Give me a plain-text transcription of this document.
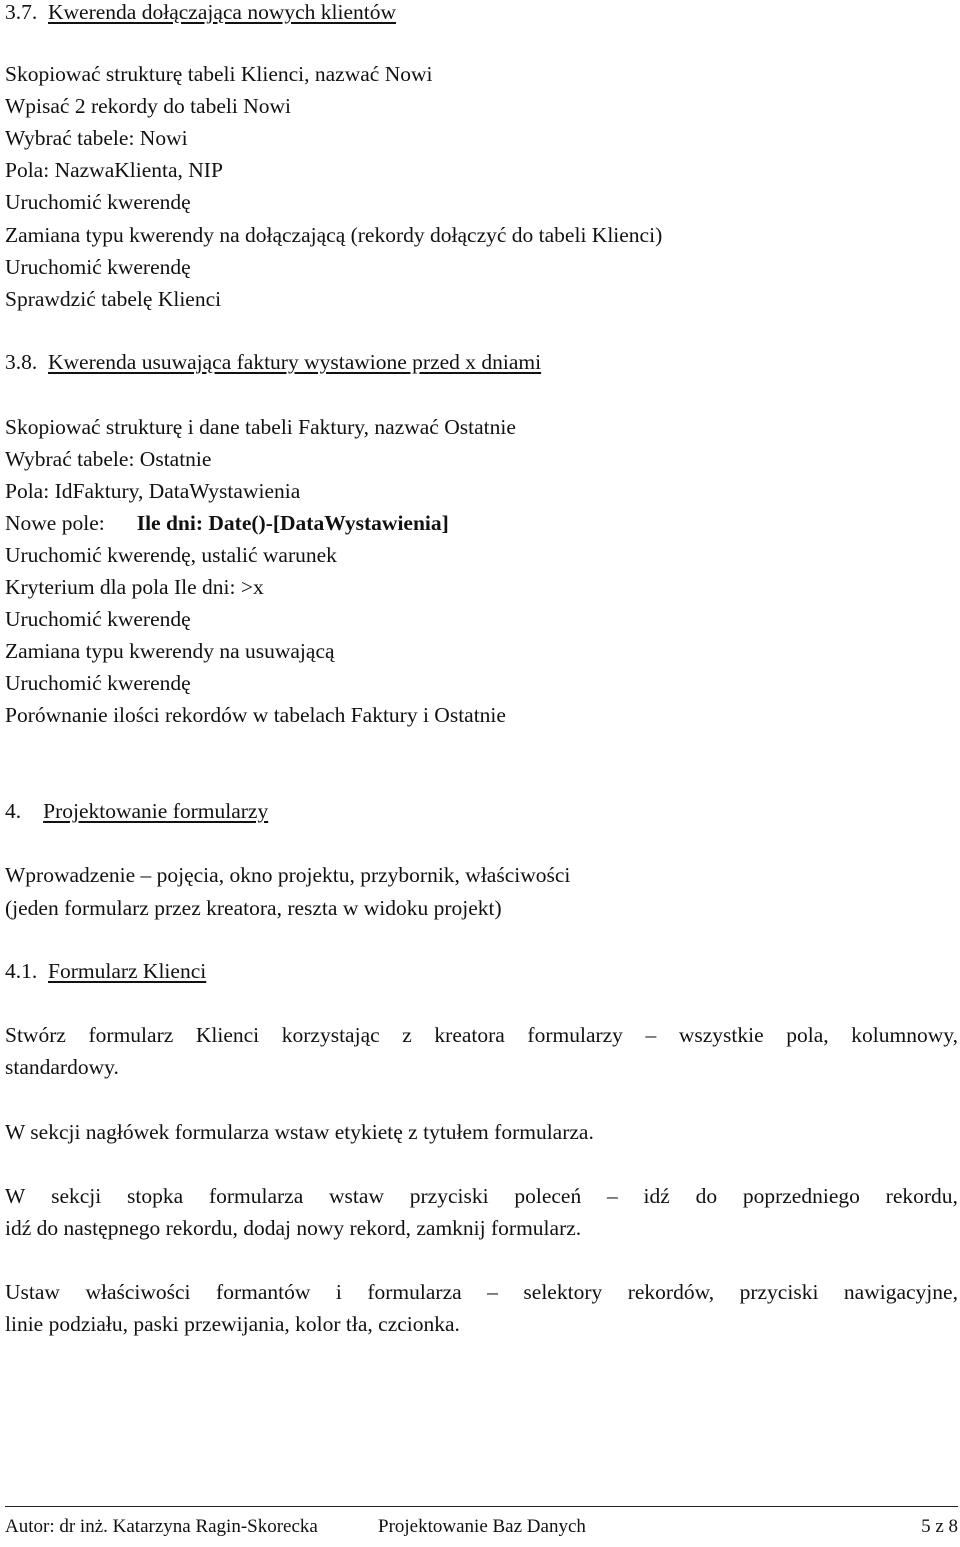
3.7. Kwerenda dołączająca nowych klientów
Skopiować strukturę tabeli Klienci, nazwać Nowi
Wpisać 2 rekordy do tabeli Nowi
Wybrać tabele: Nowi
Pola: NazwaKlienta, NIP
Uruchomić kwerendę
Zamiana typu kwerendy na dołączającą (rekordy dołączyć do tabeli Klienci)
Uruchomić kwerendę
Sprawdzić tabelę Klienci
3.8. Kwerenda usuwająca faktury wystawione przed x dniami
Skopiować strukturę i dane tabeli Faktury, nazwać Ostatnie
Wybrać tabele: Ostatnie
Pola: IdFaktury, DataWystawienia
Nowe pole: Ile dni: Date()-[DataWystawienia]
Uruchomić kwerendę, ustalić warunek
Kryterium dla pola Ile dni: >x
Uruchomić kwerendę
Zamiana typu kwerendy na usuwającą
Uruchomić kwerendę
Porównanie ilości rekordów w tabelach Faktury i Ostatnie
4. Projektowanie formularzy
Wprowadzenie – pojęcia, okno projektu, przybornik, właściwości
(jeden formularz przez kreatora, reszta w widoku projekt)
4.1. Formularz Klienci
Stwórz formularz Klienci korzystając z kreatora formularzy – wszystkie pola, kolumnowy,
standardowy.
W sekcji nagłówek formularza wstaw etykietę z tytułem formularza.
W sekcji stopka formularza wstaw przyciski poleceń – idź do poprzedniego rekordu,
idź do następnego rekordu, dodaj nowy rekord, zamknij formularz.
Ustaw właściwości formantów i formularza – selektory rekordów, przyciski nawigacyjne,
linie podziału, paski przewijania, kolor tła, czcionka.
Autor: dr inż. Katarzyna Ragin-Skorecka	Projektowanie Baz Danych	5 z 8
